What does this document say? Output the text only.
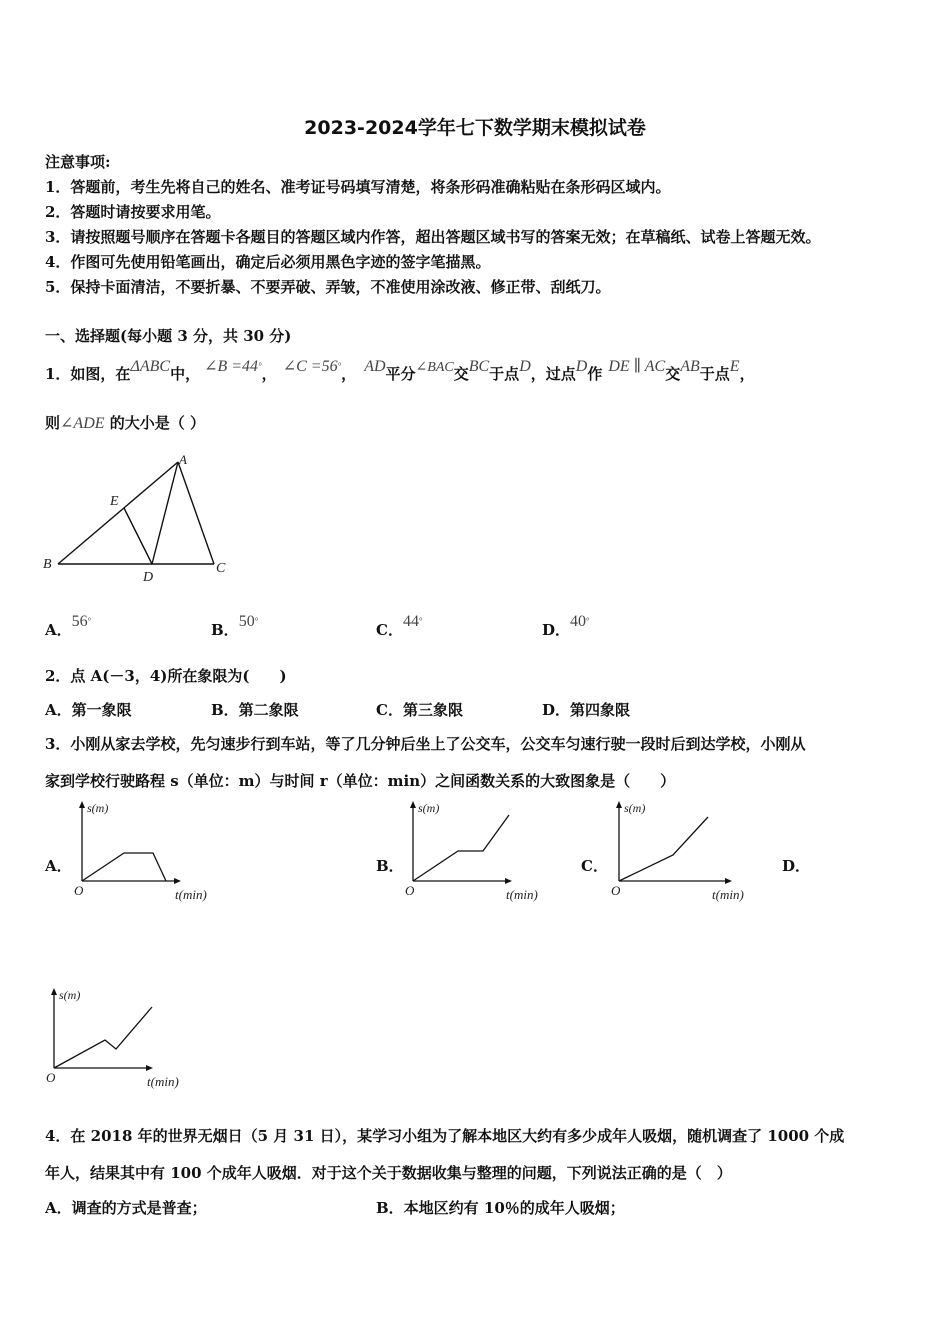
2023-2024学年七下数学期末模拟试卷
注意事项:
1．答题前，考生先将自己的姓名、准考证号码填写清楚，将条形码准确粘贴在条形码区域内。
2．答题时请按要求用笔。
3．请按照题号顺序在答题卡各题目的答题区域内作答，超出答题区域书写的答案无效；在草稿纸、试卷上答题无效。
4．作图可先使用铅笔画出，确定后必须用黑色字迹的签字笔描黑。
5．保持卡面清洁，不要折暴、不要弄破、弄皱，不准使用涂改液、修正带、刮纸刀。
一、选择题(每小题 3 分，共 30 分)
1．如图，在ΔABC中， ∠B =44°， ∠C =56°， AD平分∠BAC交BC于点D，过点D作 DE ∥ AC交AB于点E，
则∠ADE 的大小是（ ）
A
B	C
D
E
A．56°	B．50°	C．44°	D．40°
2．点 A(－3，4)所在象限为(　　)
A．第一象限	B．第二象限	C．第三象限	D．第四象限
3．小刚从家去学校，先匀速步行到车站，等了几分钟后坐上了公交车，公交车匀速行驶一段时后到达学校，小刚从
家到学校行驶路程 s（单位：m）与时间 r（单位：min）之间函数关系的大致图象是（　　）
A．	B．	C．	D．
s(m)
O	t(min)
s(m)
O	t(min)
s(m)
O	t(min)
s(m)
O	t(min)
4．在 2018 年的世界无烟日（5 月 31 日），某学习小组为了解本地区大约有多少成年人吸烟，随机调查了 1000 个成
年人，结果其中有 100 个成年人吸烟．对于这个关于数据收集与整理的问题，下列说法正确的是（　）
A．调查的方式是普查；	B．本地区约有 10％的成年人吸烟；
